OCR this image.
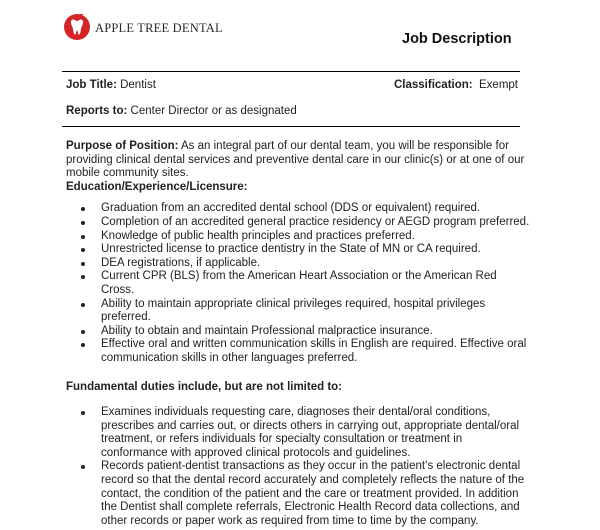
APPLE TREE DENTAL
Job Description
Job Title: Dentist	Classification: Exempt
Reports to: Center Director or as designated

Purpose of Position: As an integral part of our dental team, you will be responsible for providing clinical dental services and preventive dental care in our clinic(s) or at one of our mobile community sites.

Education/Experience/Licensure:

Graduation from an accredited dental school (DDS or equivalent) required.
Completion of an accredited general practice residency or AEGD program preferred.
Knowledge of public health principles and practices preferred.
Unrestricted license to practice dentistry in the State of MN or CA required.
DEA registrations, if applicable.
Current CPR (BLS) from the American Heart Association or the American Red Cross.
Ability to maintain appropriate clinical privileges required, hospital privileges preferred.
Ability to obtain and maintain Professional malpractice insurance.
Effective oral and written communication skills in English are required. Effective oral communication skills in other languages preferred.

Fundamental duties include, but are not limited to:

Examines individuals requesting care, diagnoses their dental/oral conditions, prescribes and carries out, or directs others in carrying out, appropriate dental/oral treatment, or refers individuals for specialty consultation or treatment in conformance with approved clinical protocols and guidelines.
Records patient-dentist transactions as they occur in the patient’s electronic dental record so that the dental record accurately and completely reflects the nature of the contact, the condition of the patient and the care or treatment provided. In addition the Dentist shall complete referrals, Electronic Health Record data collections, and other records or paper work as required from time to time by the company.
